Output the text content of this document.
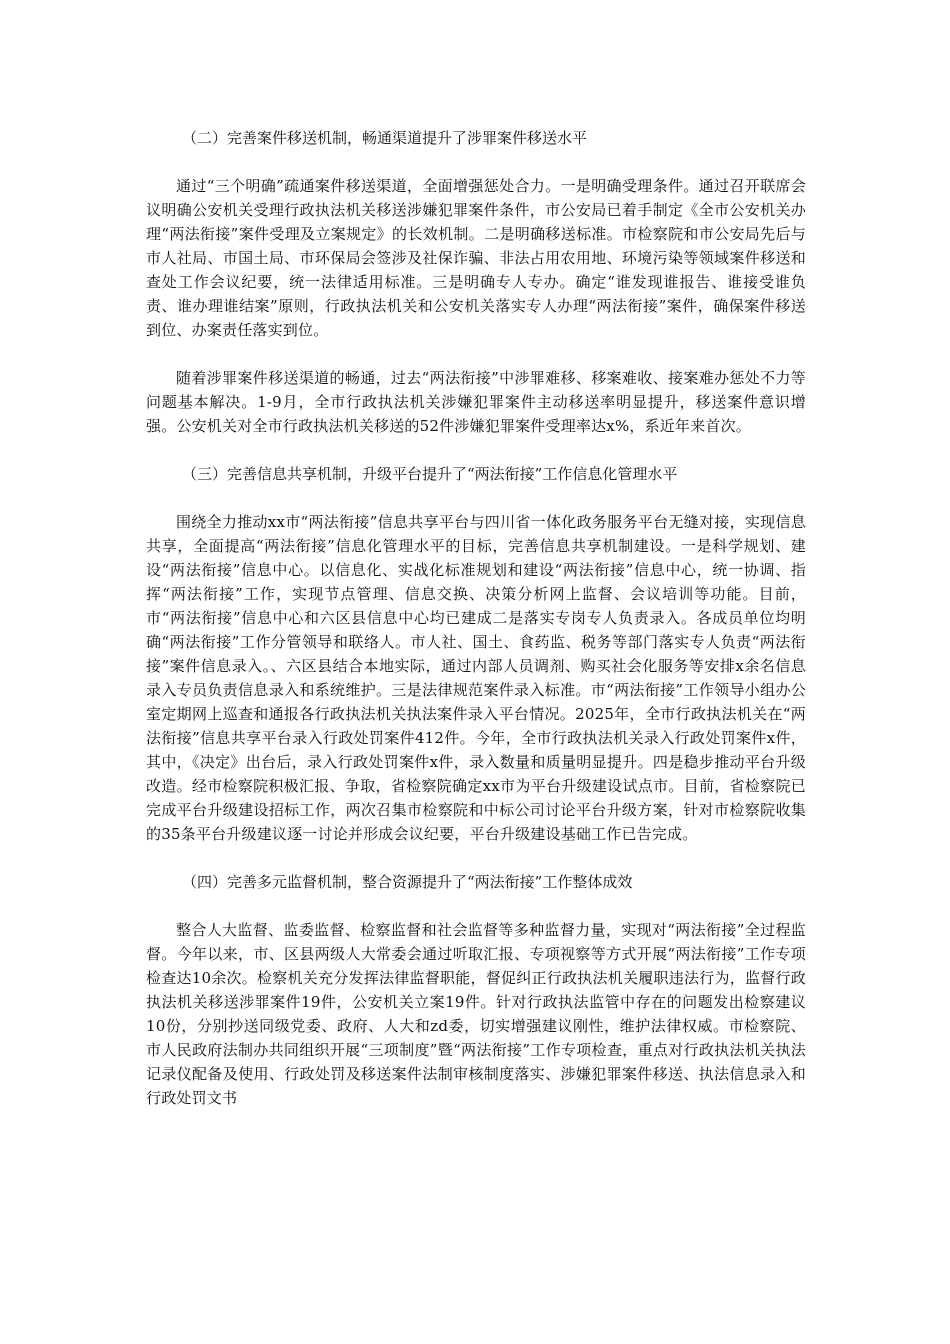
（二）完善案件移送机制，畅通渠道提升了涉罪案件移送水平

通过“三个明确”疏通案件移送渠道，全面增强惩处合力。一是明确受理条件。通过召开联席会议明确公安机关受理行政执法机关移送涉嫌犯罪案件条件，市公安局已着手制定《全市公安机关办理“两法衔接”案件受理及立案规定》的长效机制。二是明确移送标准。市检察院和市公安局先后与市人社局、市国土局、市环保局会签涉及社保诈骗、非法占用农用地、环境污染等领域案件移送和查处工作会议纪要，统一法律适用标准。三是明确专人专办。确定“谁发现谁报告、谁接受谁负责、谁办理谁结案”原则，行政执法机关和公安机关落实专人办理“两法衔接”案件，确保案件移送到位、办案责任落实到位。

随着涉罪案件移送渠道的畅通，过去“两法衔接”中涉罪难移、移案难收、接案难办惩处不力等问题基本解决。1-9月，全市行政执法机关涉嫌犯罪案件主动移送率明显提升，移送案件意识增强。公安机关对全市行政执法机关移送的52件涉嫌犯罪案件受理率达x%，系近年来首次。

（三）完善信息共享机制，升级平台提升了“两法衔接”工作信息化管理水平

围绕全力推动xx市“两法衔接”信息共享平台与四川省一体化政务服务平台无缝对接，实现信息共享，全面提高“两法衔接”信息化管理水平的目标，完善信息共享机制建设。一是科学规划、建设“两法衔接”信息中心。以信息化、实战化标准规划和建设“两法衔接”信息中心，统一协调、指挥“两法衔接”工作，实现节点管理、信息交换、决策分析网上监督、会议培训等功能。目前，市“两法衔接”信息中心和六区县信息中心均已建成二是落实专岗专人负责录入。各成员单位均明确“两法衔接”工作分管领导和联络人。市人社、国土、食药监、税务等部门落实专人负责“两法衔接”案件信息录入。、六区县结合本地实际，通过内部人员调剂、购买社会化服务等安排x余名信息录入专员负责信息录入和系统维护。三是法律规范案件录入标准。市“两法衔接”工作领导小组办公室定期网上巡查和通报各行政执法机关执法案件录入平台情况。2025年，全市行政执法机关在“两法衔接”信息共享平台录入行政处罚案件412件。今年，全市行政执法机关录入行政处罚案件x件，其中，《决定》出台后，录入行政处罚案件x件，录入数量和质量明显提升。四是稳步推动平台升级改造。经市检察院积极汇报、争取，省检察院确定xx市为平台升级建设试点市。目前，省检察院已完成平台升级建设招标工作，两次召集市检察院和中标公司讨论平台升级方案，针对市检察院收集的35条平台升级建议逐一讨论并形成会议纪要，平台升级建设基础工作已告完成。

（四）完善多元监督机制，整合资源提升了“两法衔接”工作整体成效

整合人大监督、监委监督、检察监督和社会监督等多种监督力量，实现对“两法衔接”全过程监督。今年以来，市、区县两级人大常委会通过听取汇报、专项视察等方式开展“两法衔接”工作专项检查达10余次。检察机关充分发挥法律监督职能，督促纠正行政执法机关履职违法行为，监督行政执法机关移送涉罪案件19件，公安机关立案19件。针对行政执法监管中存在的问题发出检察建议10份，分别抄送同级党委、政府、人大和zd委，切实增强建议刚性，维护法律权威。市检察院、市人民政府法制办共同组织开展“三项制度”暨“两法衔接”工作专项检查，重点对行政执法机关执法记录仪配备及使用、行政处罚及移送案件法制审核制度落实、涉嫌犯罪案件移送、执法信息录入和行政处罚文书
